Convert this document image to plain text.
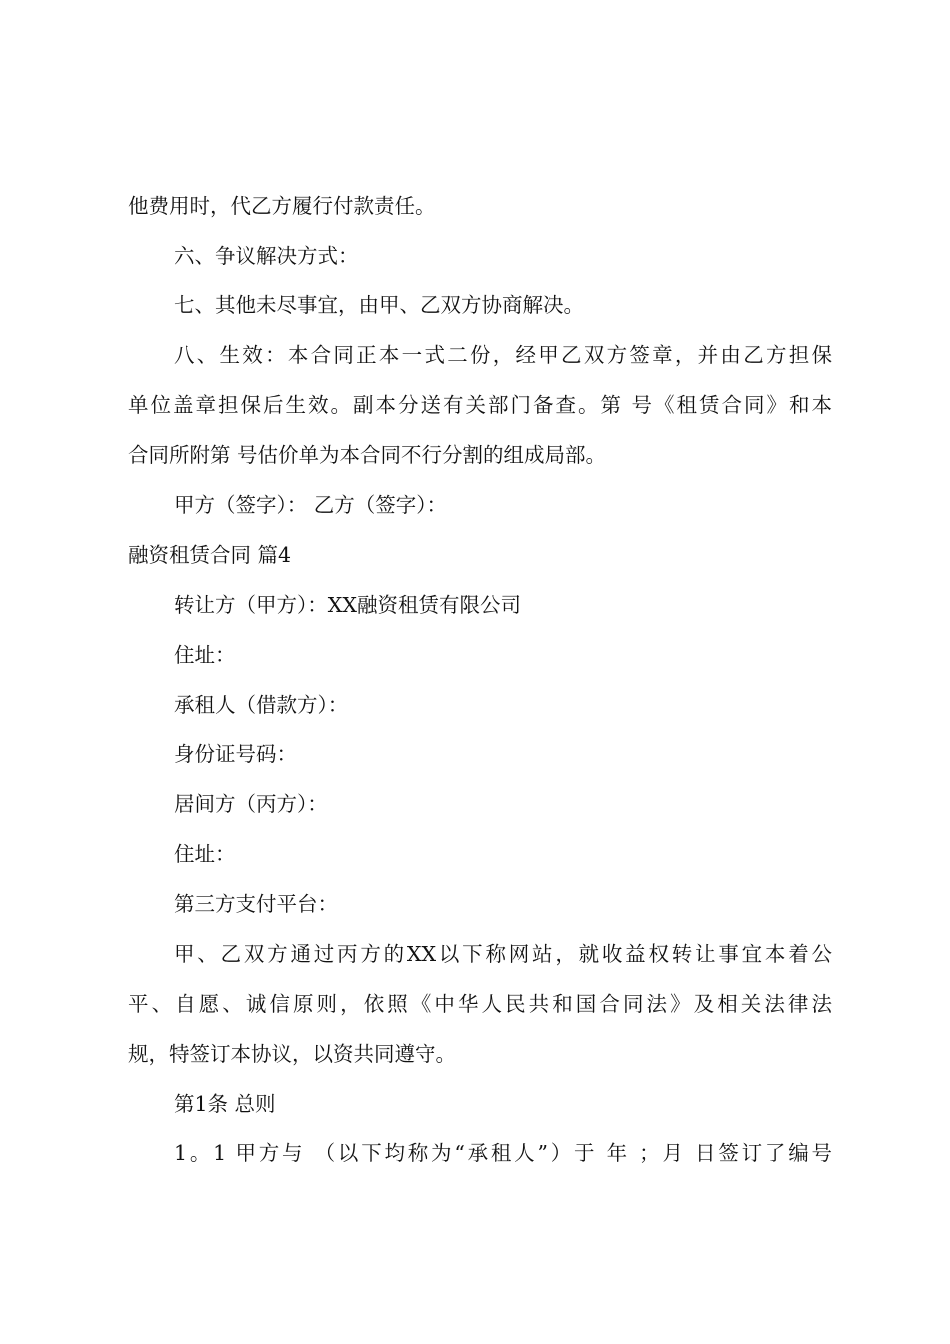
他费用时，代乙方履行付款责任。

六、争议解决方式：

七、其他未尽事宜，由甲、乙双方协商解决。

八、生效：本合同正本一式二份，经甲乙双方签章，并由乙方担保

单位盖章担保后生效。副本分送有关部门备查。第 号《租赁合同》和本

合同所附第 号估价单为本合同不行分割的组成局部。

甲方（签字）： 乙方（签字）：

融资租赁合同 篇4

转让方（甲方）：XX融资租赁有限公司

住址：

承租人（借款方）：

身份证号码：

居间方（丙方）：

住址：

第三方支付平台：

甲、乙双方通过丙方的XX以下称网站，就收益权转让事宜本着公

平、自愿、诚信原则，依照《中华人民共和国合同法》及相关法律法

规，特签订本协议，以资共同遵守。

第1条 总则

1。1 甲方与 （以下均称为“承租人”）于 年 ；月 日签订了编号
